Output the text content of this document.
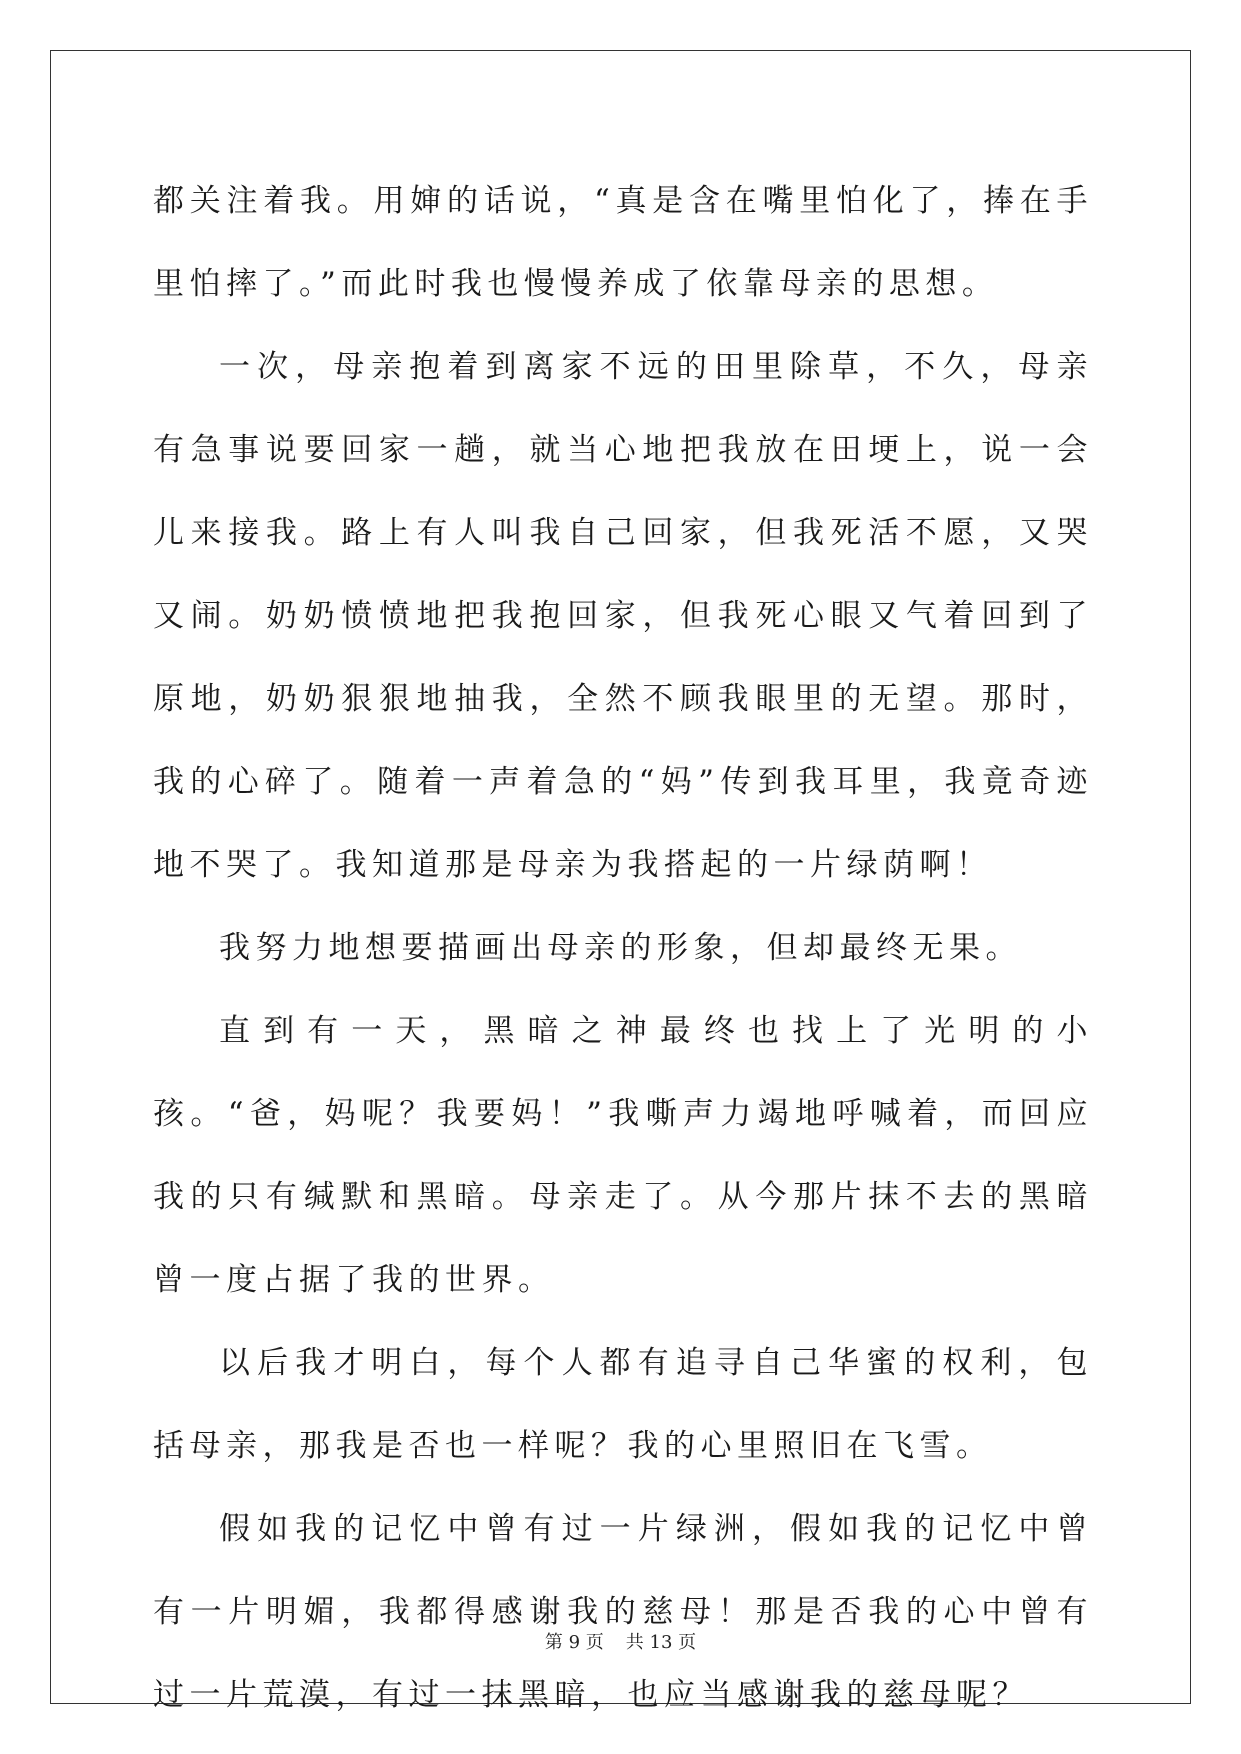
都关注着我。用婶的话说，“真是含在嘴里怕化了，捧在手里怕摔了。”而此时我也慢慢养成了依靠母亲的思想。

一次，母亲抱着到离家不远的田里除草，不久，母亲有急事说要回家一趟，就当心地把我放在田埂上，说一会儿来接我。路上有人叫我自己回家，但我死活不愿，又哭又闹。奶奶愤愤地把我抱回家，但我死心眼又气着回到了原地，奶奶狠狠地抽我，全然不顾我眼里的无望。那时，我的心碎了。随着一声着急的“妈”传到我耳里，我竟奇迹地不哭了。我知道那是母亲为我搭起的一片绿荫啊！

我努力地想要描画出母亲的形象，但却最终无果。

直到有一天，黑暗之神最终也找上了光明的小孩。“爸，妈呢？我要妈！”我嘶声力竭地呼喊着，而回应我的只有缄默和黑暗。母亲走了。从今那片抹不去的黑暗曾一度占据了我的世界。

以后我才明白，每个人都有追寻自己华蜜的权利，包括母亲，那我是否也一样呢？我的心里照旧在飞雪。

假如我的记忆中曾有过一片绿洲，假如我的记忆中曾有一片明媚，我都得感谢我的慈母！那是否我的心中曾有过一片荒漠，有过一抹黑暗，也应当感谢我的慈母呢？

第 9 页 共 13 页
